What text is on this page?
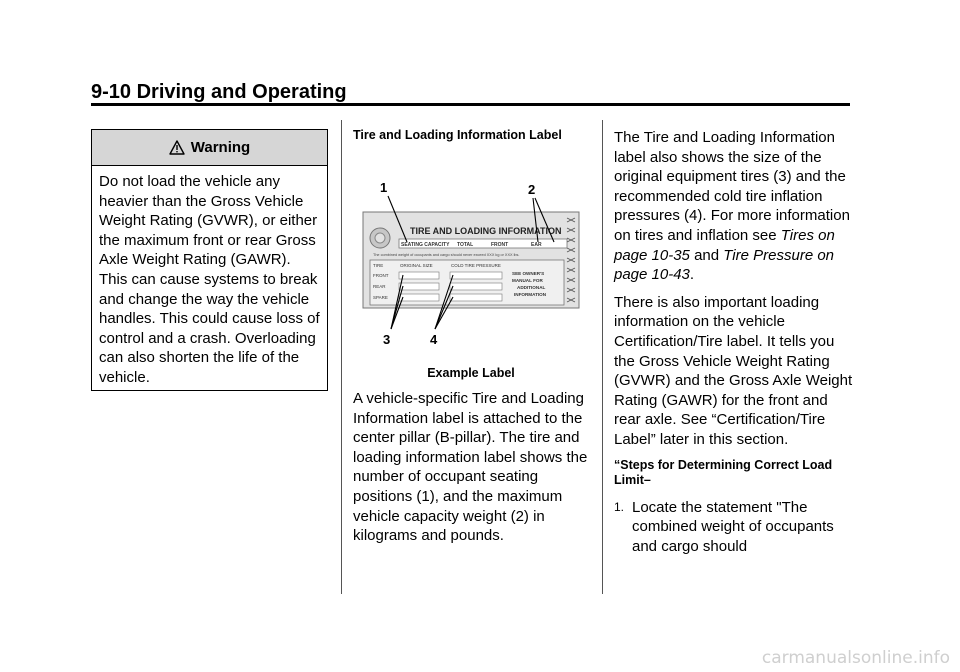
9-10 Driving and Operating
Warning
Do not load the vehicle any heavier than the Gross Vehicle Weight Rating (GVWR), or either the maximum front or rear Gross Axle Weight Rating (GAWR). This can cause systems to break and change the way the vehicle handles. This could cause loss of control and a crash. Overloading can also shorten the life of the vehicle.
Tire and Loading Information Label
TIRE AND LOADING INFORMATION
SEATING CAPACITY TOTAL	FRONT	EAR
The combined weight of occupants and cargo should never exceed XXX kg or XXX lbs.
TIRE	ORIGINAL SIZE	COLD TIRE PRESSURE
FRONT
REAR
SPARE
SEE OWNER'S
MANUAL FOR
ADDITIONAL
INFORMATION
1	2
3	4
Example Label
A vehicle-specific Tire and Loading Information label is attached to the center pillar (B-pillar). The tire and loading information label shows the number of occupant seating positions (1), and the maximum vehicle capacity weight (2) in kilograms and pounds.

The Tire and Loading Information label also shows the size of the original equipment tires (3) and the recommended cold tire inflation pressures (4). For more information on tires and inflation see Tires on page 10-35 and Tire Pressure on page 10-43.

There is also important loading information on the vehicle Certification/Tire label. It tells you the Gross Vehicle Weight Rating (GVWR) and the Gross Axle Weight Rating (GAWR) for the front and rear axle. See “Certification/Tire Label” later in this section.

“Steps for Determining Correct Load Limit–
1. Locate the statement "The combined weight of occupants and cargo should
carmanualsonline.info
